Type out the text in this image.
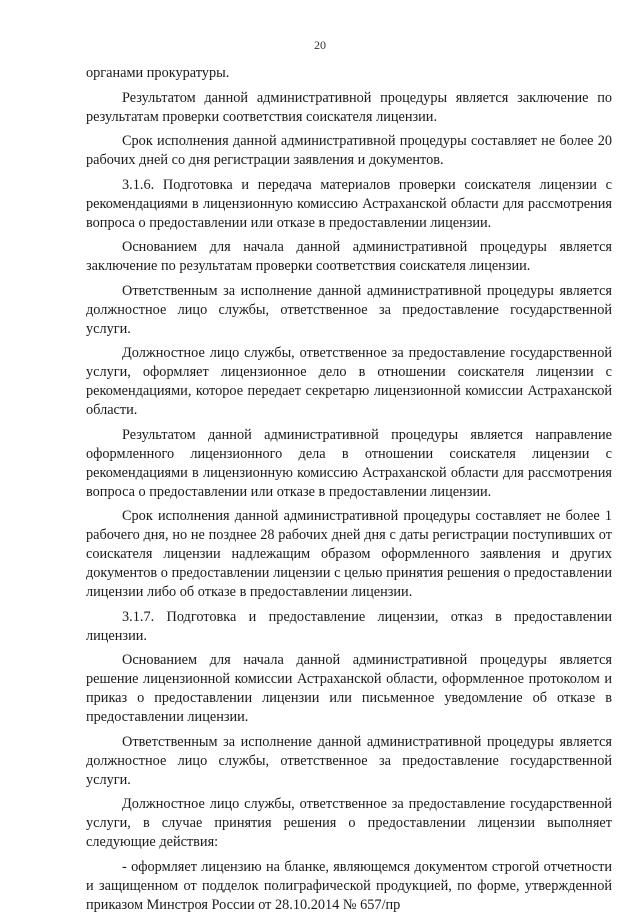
20

органами прокуратуры.

Результатом данной административной процедуры является заключение по результатам проверки соответствия соискателя лицензии.

Срок исполнения данной административной процедуры составляет не более 20 рабочих дней со дня регистрации заявления и документов.

3.1.6. Подготовка и передача материалов проверки соискателя лицензии с рекомендациями в лицензионную комиссию Астраханской области для рассмотрения вопроса о предоставлении или отказе в предоставлении лицензии.

Основанием для начала данной административной процедуры является заключение по результатам проверки соответствия соискателя лицензии.

Ответственным за исполнение данной административной процедуры является должностное лицо службы, ответственное за предоставление государственной услуги.

Должностное лицо службы, ответственное за предоставление государственной услуги, оформляет лицензионное дело в отношении соискателя лицензии с рекомендациями, которое передает секретарю лицензионной комиссии Астраханской области.

Результатом данной административной процедуры является направление оформленного лицензионного дела в отношении соискателя лицензии с рекомендациями в лицензионную комиссию Астраханской области для рассмотрения вопроса о предоставлении или отказе в предоставлении лицензии.

Срок исполнения данной административной процедуры составляет не более 1 рабочего дня, но не позднее 28 рабочих дней дня с даты регистрации поступивших от соискателя лицензии надлежащим образом оформленного заявления и других документов о предоставлении лицензии с целью принятия решения о предоставлении лицензии либо об отказе в предоставлении лицензии.

3.1.7. Подготовка и предоставление лицензии, отказ в предоставлении лицензии.

Основанием для начала данной административной процедуры является решение лицензионной комиссии Астраханской области, оформленное протоколом и приказ о предоставлении лицензии или письменное уведомление об отказе в предоставлении лицензии.

Ответственным за исполнение данной административной процедуры является должностное лицо службы, ответственное за предоставление государственной услуги.

Должностное лицо службы, ответственное за предоставление государственной услуги, в случае принятия решения о предоставлении лицензии выполняет следующие действия:

- оформляет лицензию на бланке, являющемся документом строгой отчетности и защищенном от подделок полиграфической продукцией, по форме, утвержденной приказом Минстроя России от 28.10.2014 № 657/пр
